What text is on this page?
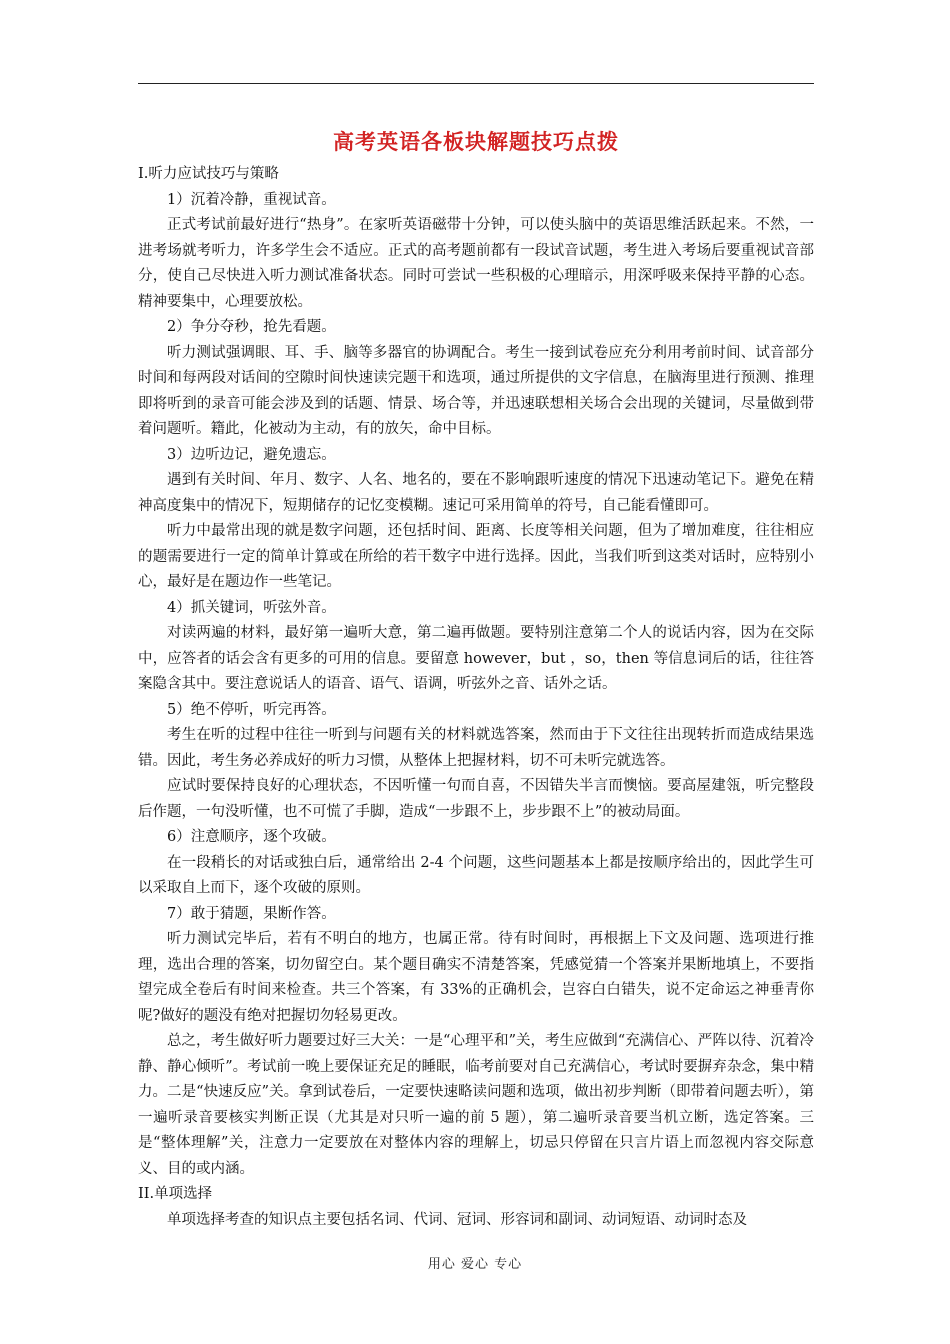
高考英语各板块解题技巧点拨

I.听力应试技巧与策略

1）沉着冷静，重视试音。

正式考试前最好进行“热身”。在家听英语磁带十分钟，可以使头脑中的英语思维活跃起来。不然，一进考场就考听力，许多学生会不适应。正式的高考题前都有一段试音试题，考生进入考场后要重视试音部分，使自己尽快进入听力测试准备状态。同时可尝试一些积极的心理暗示，用深呼吸来保持平静的心态。精神要集中，心理要放松。

2）争分夺秒，抢先看题。

听力测试强调眼、耳、手、脑等多器官的协调配合。考生一接到试卷应充分利用考前时间、试音部分时间和每两段对话间的空隙时间快速读完题干和选项，通过所提供的文字信息，在脑海里进行预测、推理即将听到的录音可能会涉及到的话题、情景、场合等，并迅速联想相关场合会出现的关键词，尽量做到带着问题听。籍此，化被动为主动，有的放矢，命中目标。

3）边听边记，避免遗忘。

遇到有关时间、年月、数字、人名、地名的，要在不影响跟听速度的情况下迅速动笔记下。避免在精神高度集中的情况下，短期储存的记忆变模糊。速记可采用简单的符号，自己能看懂即可。

听力中最常出现的就是数字问题，还包括时间、距离、长度等相关问题，但为了增加难度，往往相应的题需要进行一定的简单计算或在所给的若干数字中进行选择。因此，当我们听到这类对话时，应特别小心，最好是在题边作一些笔记。

4）抓关键词，听弦外音。

对读两遍的材料，最好第一遍听大意，第二遍再做题。要特别注意第二个人的说话内容，因为在交际中，应答者的话会含有更多的可用的信息。要留意 however，but ，so，then 等信息词后的话，往往答案隐含其中。要注意说话人的语音、语气、语调，听弦外之音、话外之话。

5）绝不停听，听完再答。

考生在听的过程中往往一听到与问题有关的材料就选答案，然而由于下文往往出现转折而造成结果选错。因此，考生务必养成好的听力习惯，从整体上把握材料，切不可未听完就选答。

应试时要保持良好的心理状态，不因听懂一句而自喜，不因错失半言而懊恼。要高屋建瓴，听完整段后作题，一句没听懂，也不可慌了手脚，造成“一步跟不上，步步跟不上”的被动局面。

6）注意顺序，逐个攻破。

在一段稍长的对话或独白后，通常给出 2-4 个问题，这些问题基本上都是按顺序给出的，因此学生可以采取自上而下，逐个攻破的原则。

7）敢于猜题，果断作答。

听力测试完毕后，若有不明白的地方，也属正常。待有时间时，再根据上下文及问题、选项进行推理，选出合理的答案，切勿留空白。某个题目确实不清楚答案，凭感觉猜一个答案并果断地填上，不要指望完成全卷后有时间来检查。共三个答案，有 33%的正确机会，岂容白白错失，说不定命运之神垂青你呢?做好的题没有绝对把握切勿轻易更改。

总之，考生做好听力题要过好三大关：一是“心理平和”关，考生应做到“充满信心、严阵以待、沉着冷静、静心倾听”。考试前一晚上要保证充足的睡眠，临考前要对自己充满信心，考试时要摒弃杂念，集中精力。二是“快速反应”关。拿到试卷后，一定要快速略读问题和选项，做出初步判断（即带着问题去听），第一遍听录音要核实判断正误（尤其是对只听一遍的前 5 题），第二遍听录音要当机立断，选定答案。三是“整体理解”关，注意力一定要放在对整体内容的理解上，切忌只停留在只言片语上而忽视内容交际意义、目的或内涵。

II.单项选择

单项选择考查的知识点主要包括名词、代词、冠词、形容词和副词、动词短语、动词时态及

用心 爱心 专心
